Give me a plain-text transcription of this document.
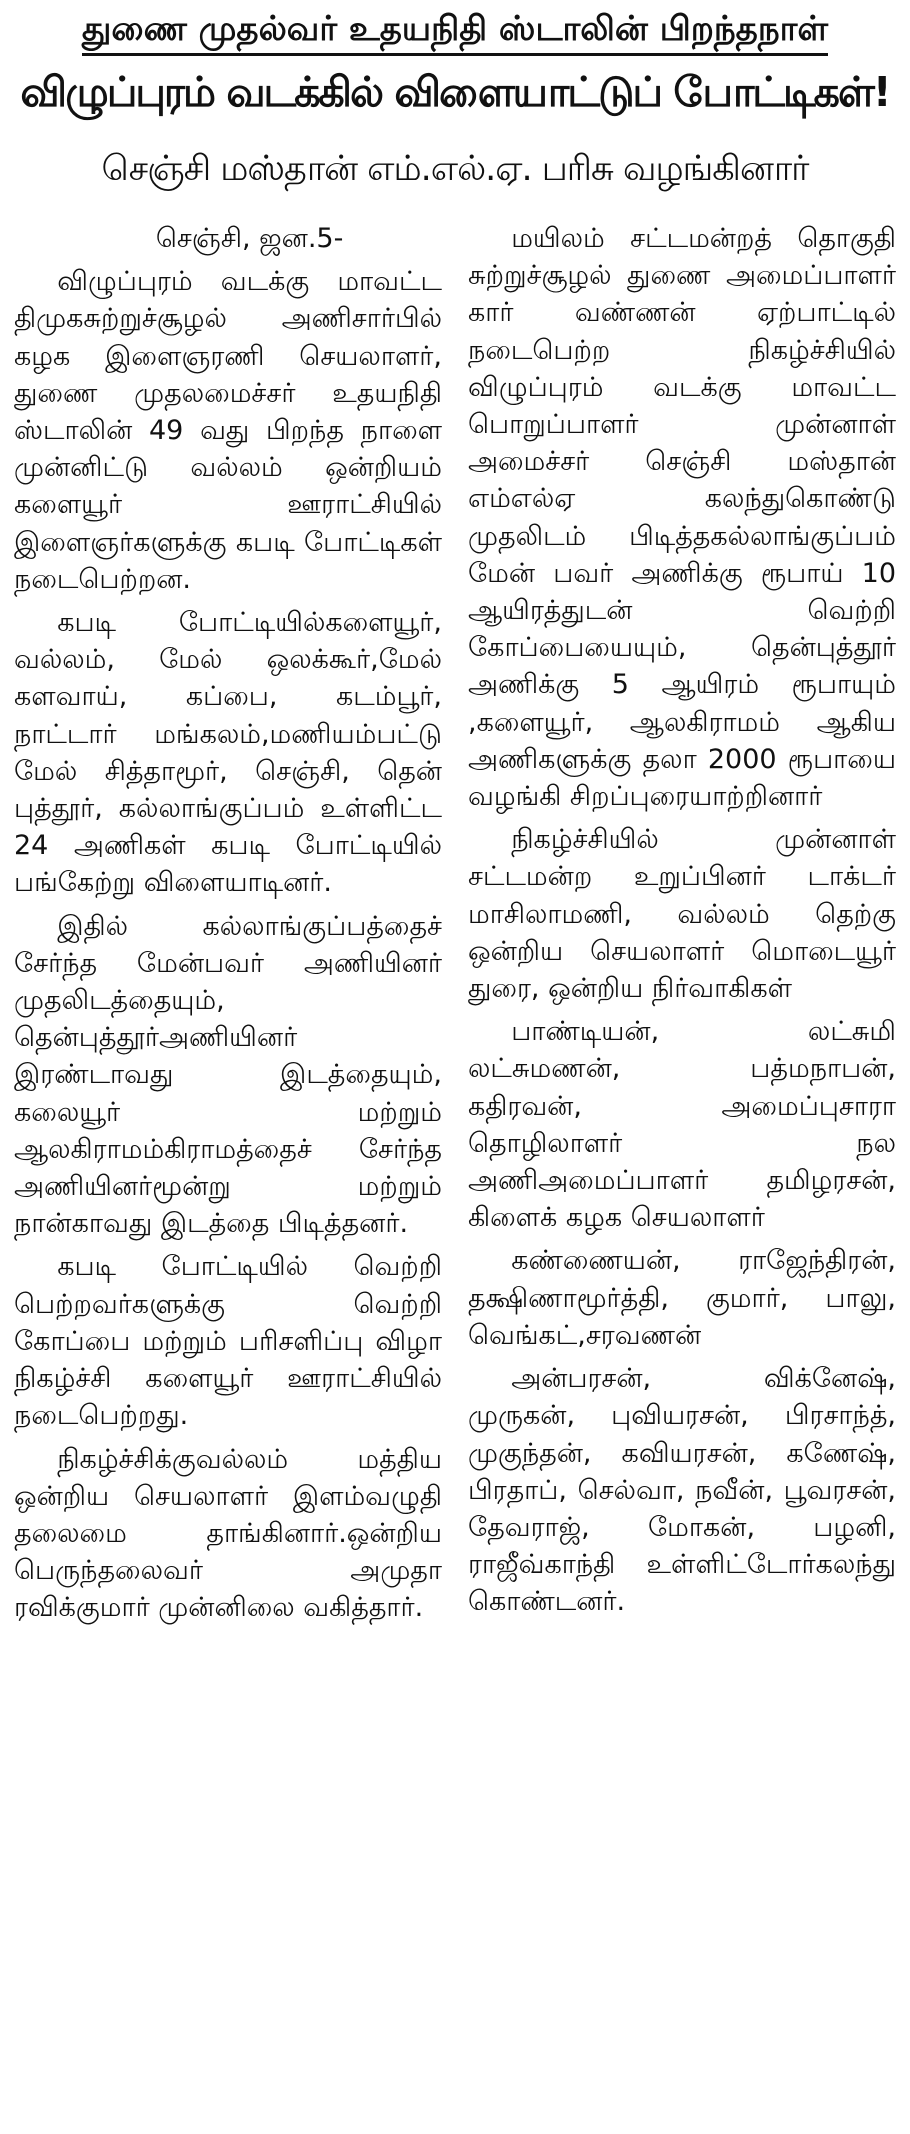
துணை முதல்வர் உதயநிதி ஸ்டாலின் பிறந்தநாள்
விழுப்புரம் வடக்கில் விளையாட்டுப் போட்டிகள்!
செஞ்சி மஸ்தான் எம்.எல்.ஏ. பரிசு வழங்கினார்

செஞ்சி, ஜன.5-

விழுப்புரம் வடக்கு மாவட்ட திமுகசுற்றுச்சூழல் அணிசார்பில் கழக இளைஞரணி செயலாளர், துணை முதலமைச்சர் உதயநிதி ஸ்டாலின் 49 வது பிறந்த நாளை முன்னிட்டு வல்லம் ஒன்றியம் களையூர் ஊராட்சியில் இளைஞர்களுக்கு கபடி போட்டிகள் நடைபெற்றன.

கபடி போட்டியில்களையூர், வல்லம், மேல் ஒலக்கூர்,மேல் களவாய், கப்பை, கடம்பூர், நாட்டார் மங்கலம்,மணியம்பட்டு மேல் சித்தாமூர், செஞ்சி, தென் புத்தூர், கல்லாங்குப்பம் உள்ளிட்ட 24 அணிகள் கபடி போட்டியில் பங்கேற்று விளையாடினர்.

இதில் கல்லாங்குப்பத்தைச் சேர்ந்த மேன்பவர் அணியினர் முதலிடத்தையும், தென்புத்தூர்அணியினர் இரண்டாவது இடத்தையும், கலையூர் மற்றும் ஆலகிராமம்கிராமத்தைச் சேர்ந்த அணியினர்மூன்று மற்றும் நான்காவது இடத்தை பிடித்தனர்.

கபடி போட்டியில் வெற்றி பெற்றவர்களுக்கு வெற்றி கோப்பை மற்றும் பரிசளிப்பு விழா நிகழ்ச்சி களையூர் ஊராட்சியில் நடைபெற்றது.

நிகழ்ச்சிக்குவல்லம் மத்திய ஒன்றிய செயலாளர் இளம்வழுதி தலைமை தாங்கினார்.ஒன்றிய பெருந்தலைவர் அமுதா ரவிக்குமார் முன்னிலை வகித்தார்.

மயிலம் சட்டமன்றத் தொகுதி சுற்றுச்சூழல் துணை அமைப்பாளர் கார் வண்ணன் ஏற்பாட்டில் நடைபெற்ற நிகழ்ச்சியில் விழுப்புரம் வடக்கு மாவட்ட பொறுப்பாளர் முன்னாள் அமைச்சர் செஞ்சி மஸ்தான் எம்எல்ஏ கலந்துகொண்டு முதலிடம் பிடித்தகல்லாங்குப்பம் மேன் பவர் அணிக்கு ரூபாய் 10 ஆயிரத்துடன் வெற்றி கோப்பையையும், தென்புத்தூர் அணிக்கு 5 ஆயிரம் ரூபாயும் ,களையூர், ஆலகிராமம் ஆகிய அணிகளுக்கு தலா 2000 ரூபாயை வழங்கி சிறப்புரையாற்றினார்

நிகழ்ச்சியில் முன்னாள் சட்டமன்ற உறுப்பினர் டாக்டர் மாசிலாமணி, வல்லம் தெற்கு ஒன்றிய செயலாளர் மொடையூர் துரை, ஒன்றிய நிர்வாகிகள்

பாண்டியன், லட்சுமி லட்சுமணன், பத்மநாபன், கதிரவன், அமைப்புசாரா தொழிலாளர் நல அணிஅமைப்பாளர் தமிழரசன், கிளைக் கழக செயலாளர்

கண்ணையன், ராஜேந்திரன், தக்ஷிணாமூர்த்தி, குமார், பாலு, வெங்கட்,சரவணன்

அன்பரசன், விக்னேஷ், முருகன், புவியரசன், பிரசாந்த், முகுந்தன், கவியரசன், கணேஷ், பிரதாப், செல்வா, நவீன், பூவரசன், தேவராஜ், மோகன், பழனி, ராஜீவ்காந்தி உள்ளிட்டோர்கலந்து கொண்டனர்.
